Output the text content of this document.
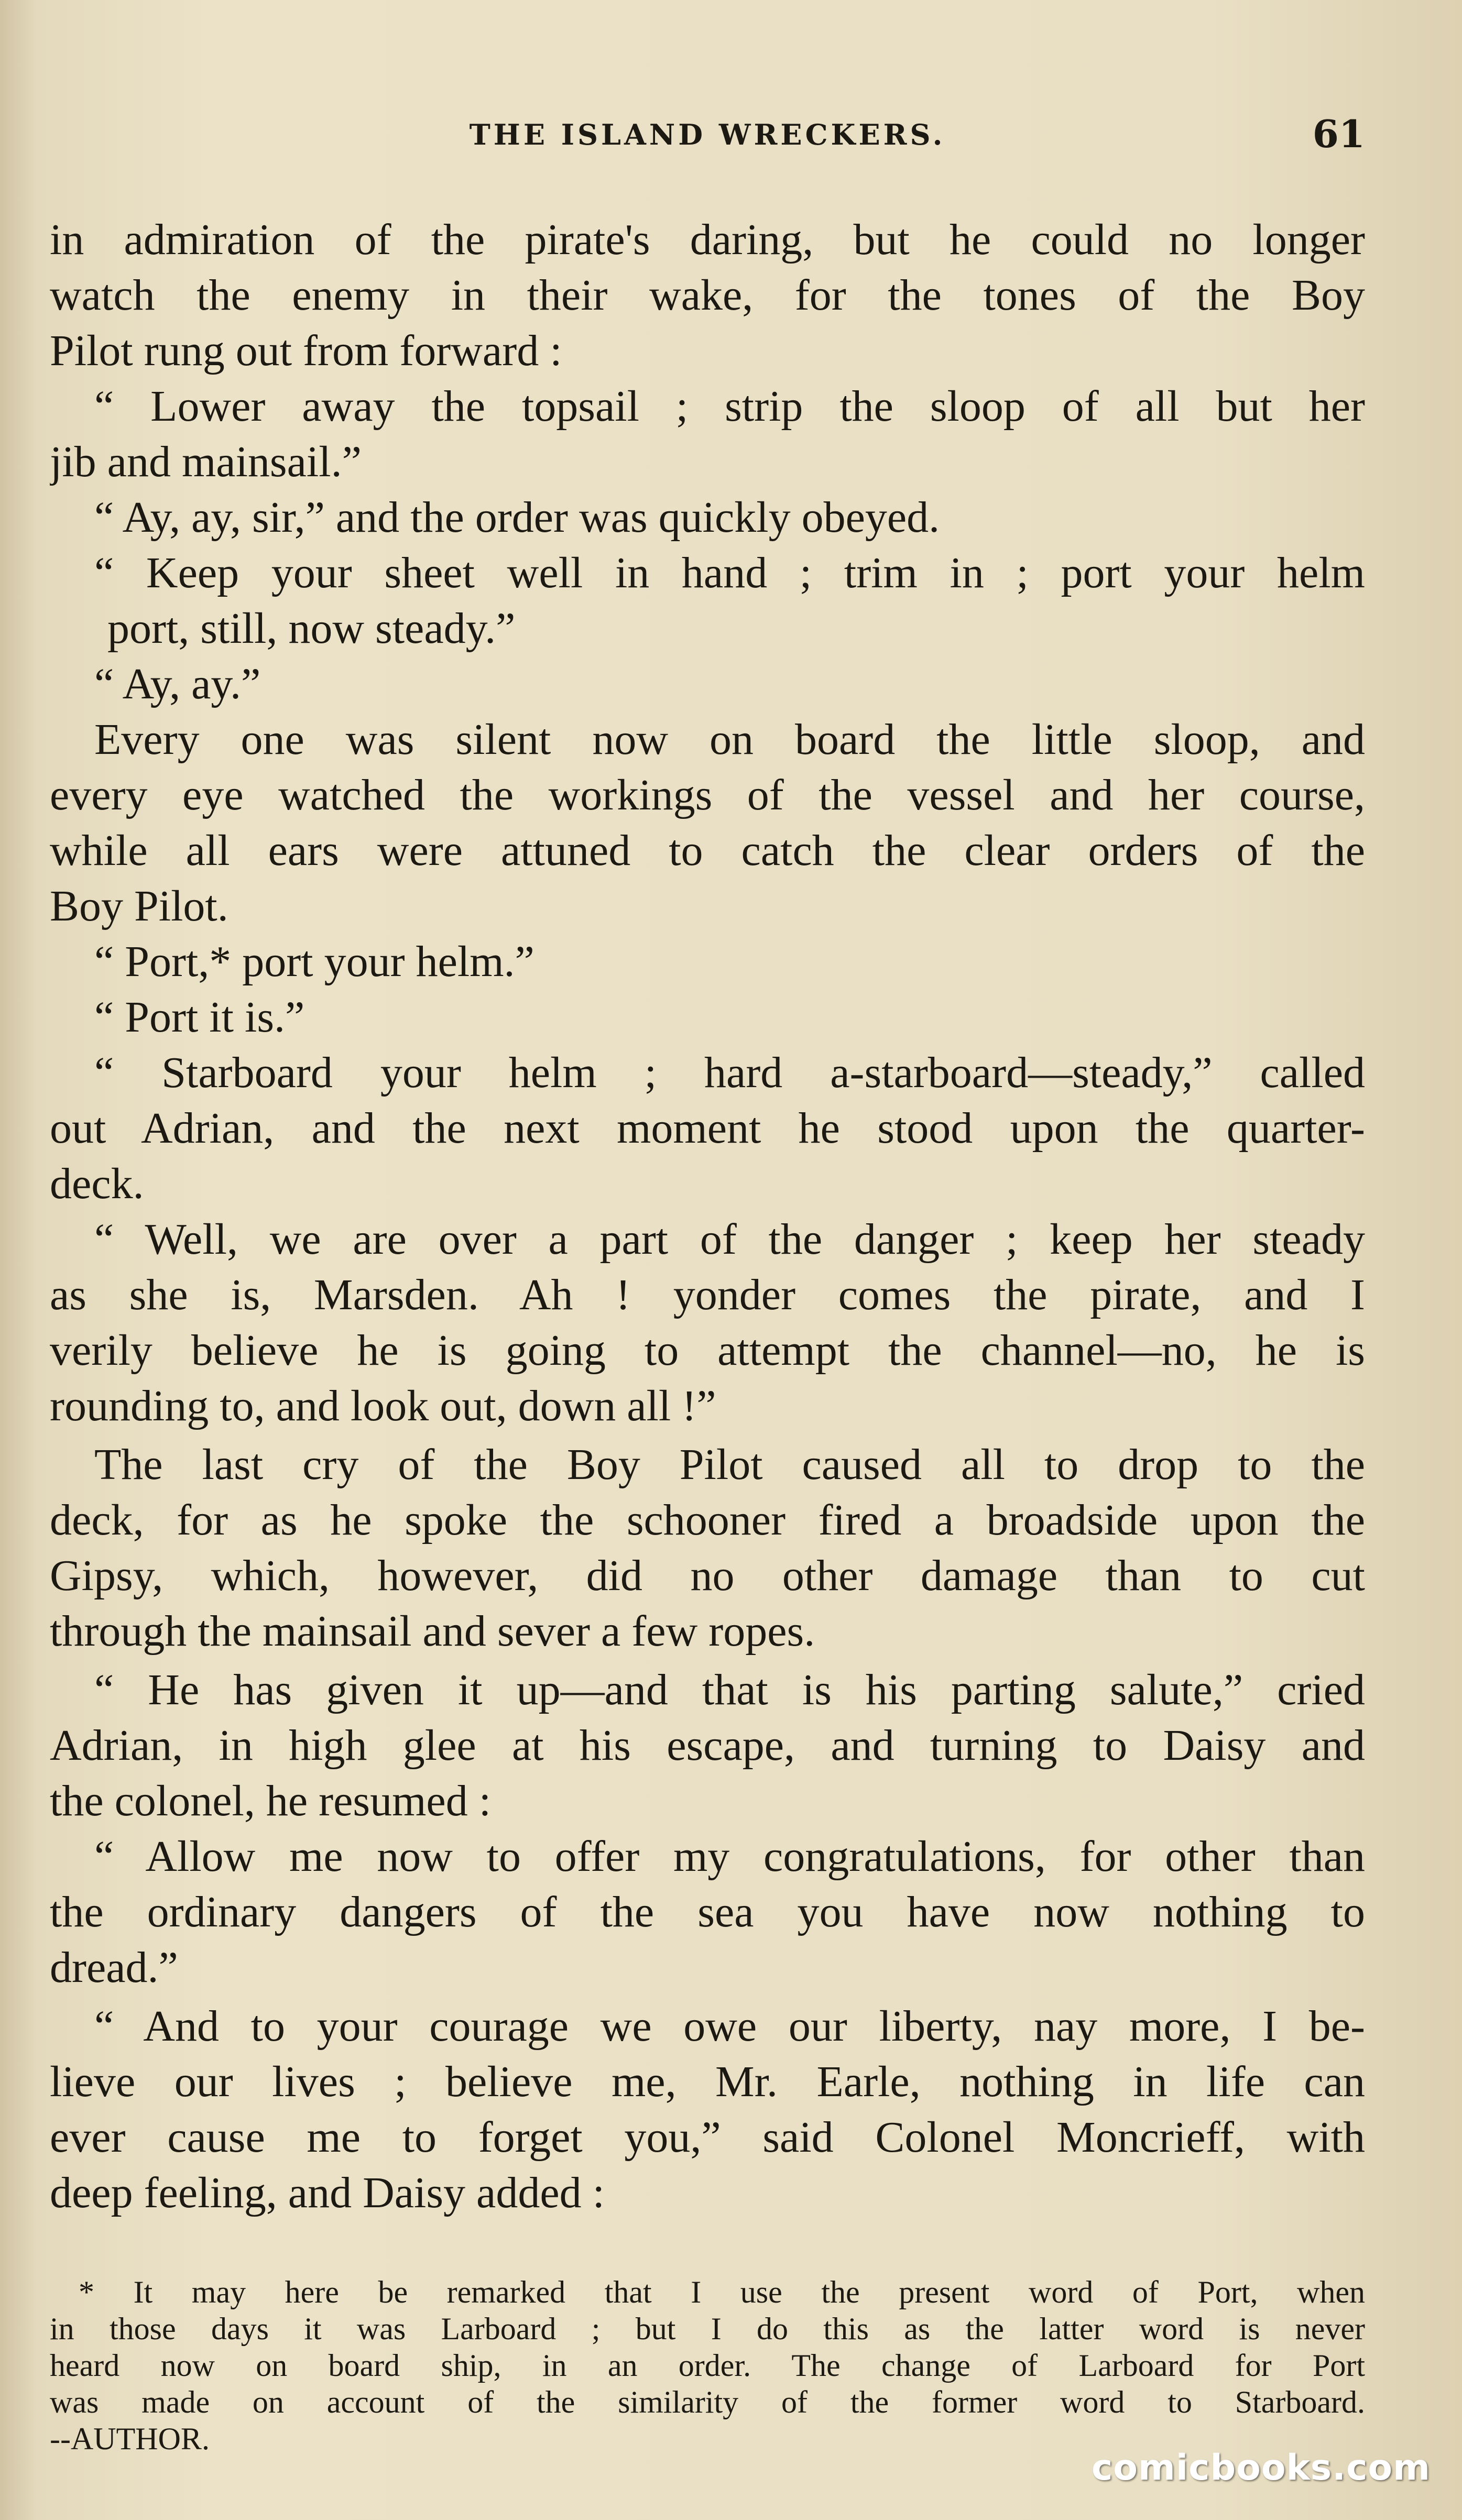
THE ISLAND WRECKERS.	61
in admiration of the pirate's daring, but he could no longer
watch the enemy in their wake, for the tones of the Boy
Pilot rung out from forward :
“ Lower away the topsail ; strip the sloop of all but her
jib and mainsail.”
“ Ay, ay, sir,” and the order was quickly obeyed.
“ Keep your sheet well in hand ; trim in ; port your helm
port, still, now steady.”
“ Ay, ay.”
Every one was silent now on board the little sloop, and
every eye watched the workings of the vessel and her course,
while all ears were attuned to catch the clear orders of the
Boy Pilot.
“ Port,* port your helm.”
“ Port it is.”
“ Starboard your helm ; hard a-starboard—steady,” called
out Adrian, and the next moment he stood upon the quarter-
deck.
“ Well, we are over a part of the danger ; keep her steady
as she is, Marsden. Ah ! yonder comes the pirate, and I
verily believe he is going to attempt the channel—no, he is
rounding to, and look out, down all !”
The last cry of the Boy Pilot caused all to drop to the
deck, for as he spoke the schooner fired a broadside upon the
Gipsy, which, however, did no other damage than to cut
through the mainsail and sever a few ropes.
“ He has given it up—and that is his parting salute,” cried
Adrian, in high glee at his escape, and turning to Daisy and
the colonel, he resumed :
“ Allow me now to offer my congratulations, for other than
the ordinary dangers of the sea you have now nothing to
dread.”
“ And to your courage we owe our liberty, nay more, I be-
lieve our lives ; believe me, Mr. Earle, nothing in life can
ever cause me to forget you,” said Colonel Moncrieff, with
deep feeling, and Daisy added :
* It may here be remarked that I use the present word of Port, when
in those days it was Larboard ; but I do this as the latter word is never
heard now on board ship, in an order. The change of Larboard for Port
was made on account of the similarity of the former word to Starboard.
--AUTHOR.
comicbooks.com
